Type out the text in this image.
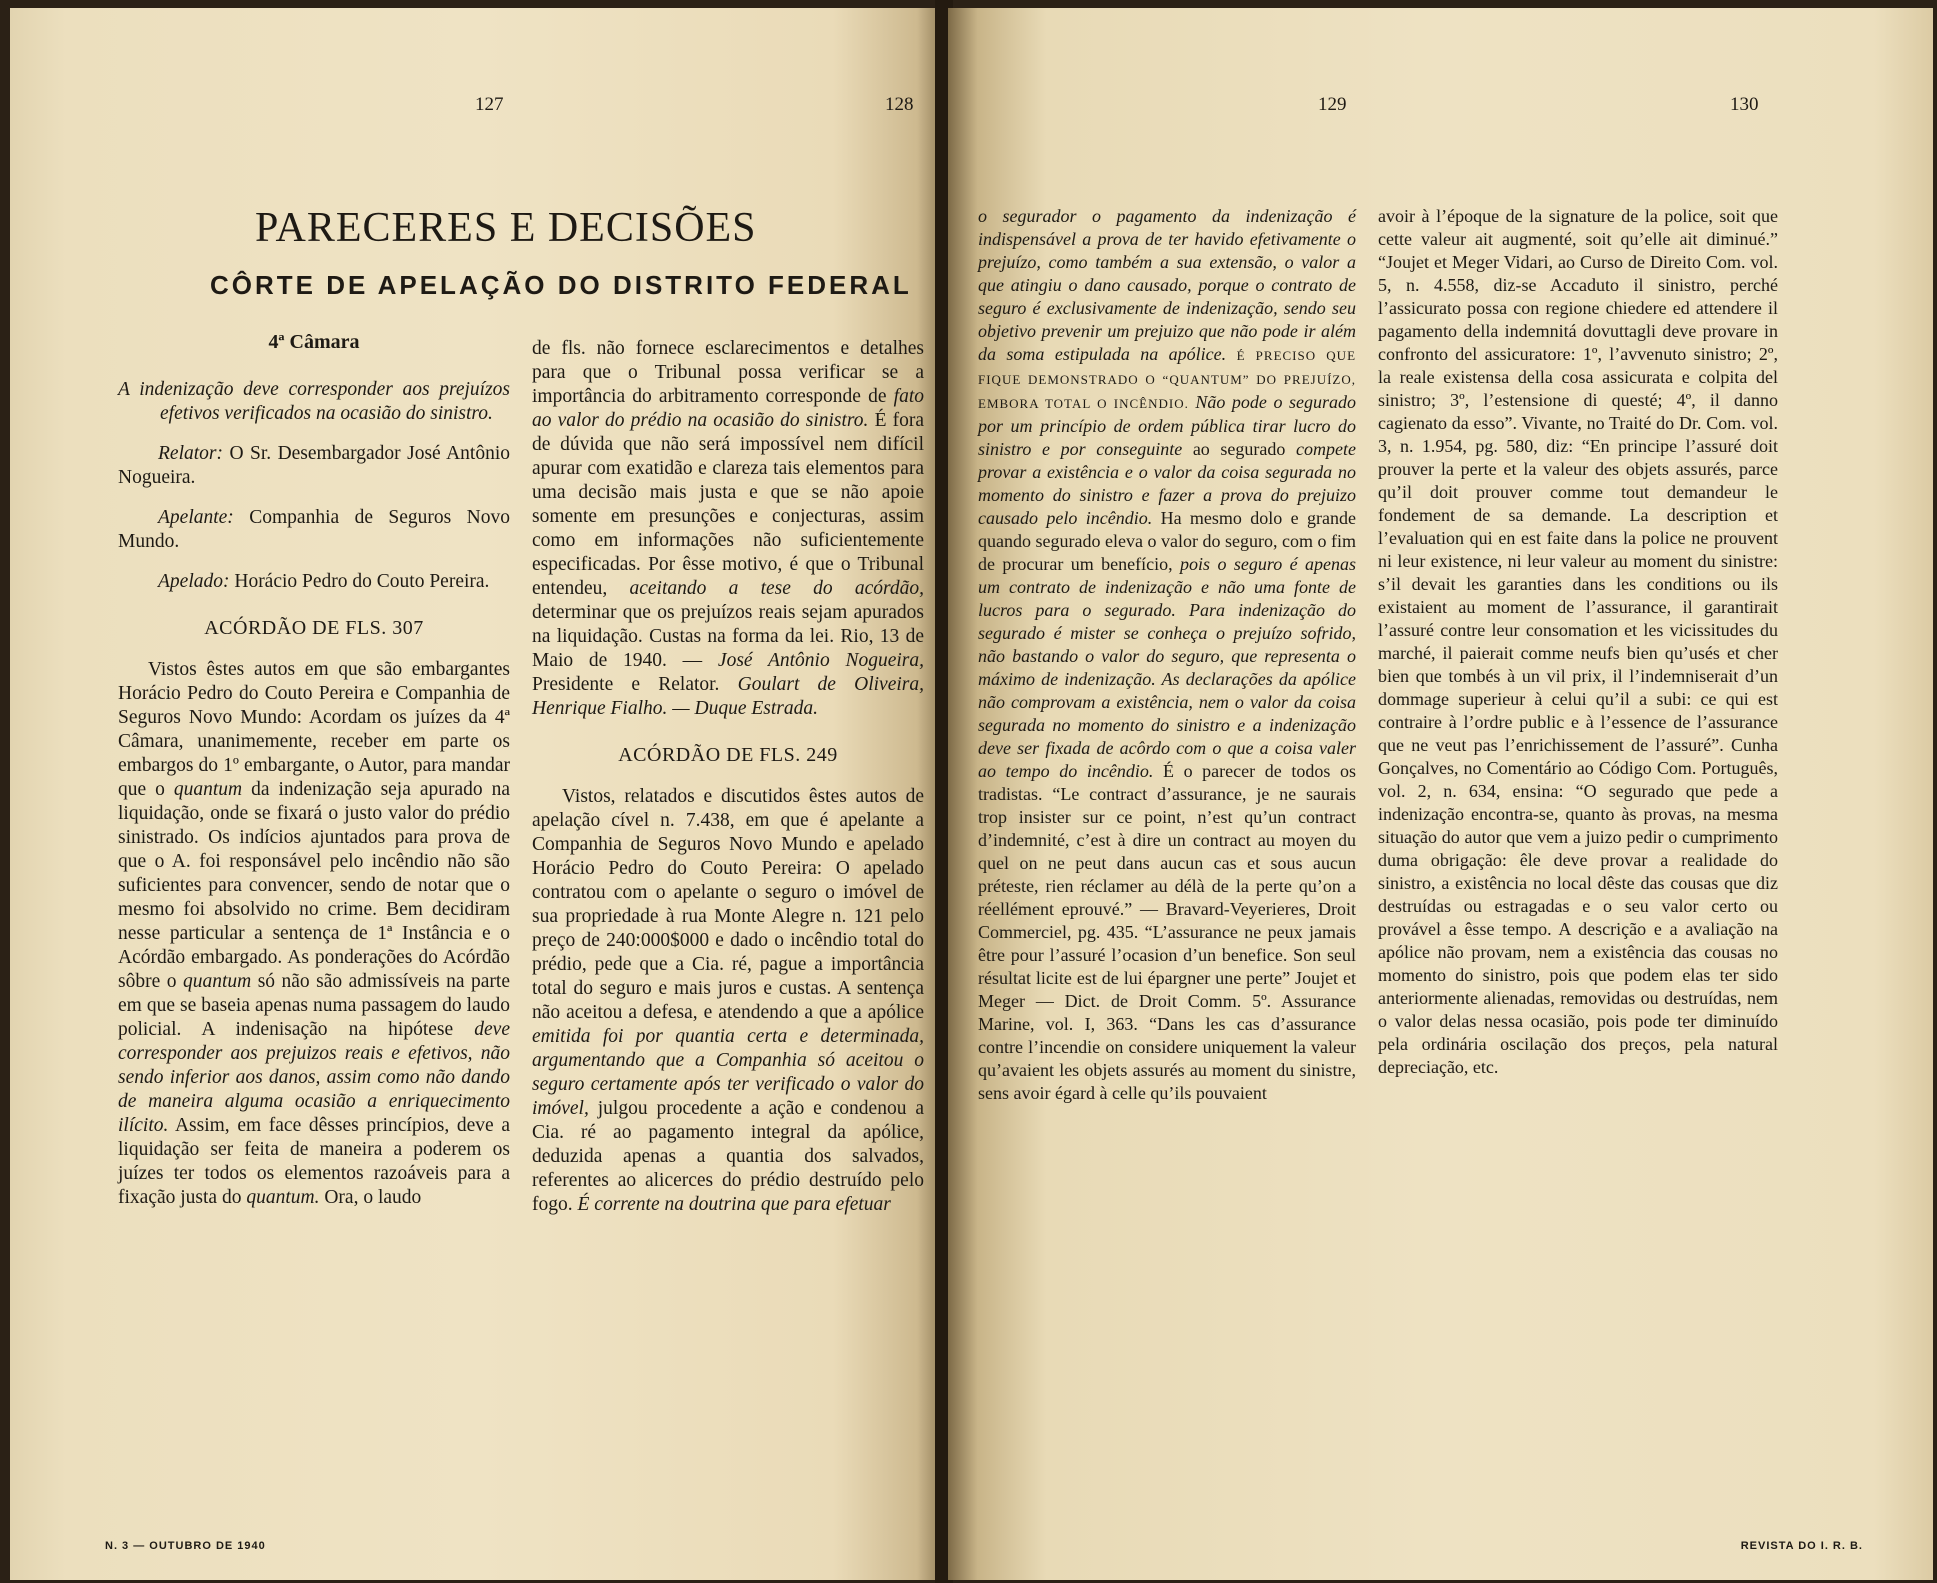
127	128
PARECERES E DECISÕES
CÔRTE DE APELAÇÃO DO DISTRITO FEDERAL

4ª Câmara

A indenização deve corresponder aos prejuízos efetivos verificados na ocasião do sinistro.

Relator: O Sr. Desembargador José Antônio Nogueira.

Apelante: Companhia de Seguros Novo Mundo.

Apelado: Horácio Pedro do Couto Pereira.

ACÓRDÃO DE FLS. 307

Vistos êstes autos em que são embargantes Horácio Pedro do Couto Pereira e Companhia de Seguros Novo Mundo: Acordam os juízes da 4ª Câmara, unanimemente, receber em parte os embargos do 1º embargante, o Autor, para mandar que o quantum da indenização seja apurado na liquidação, onde se fixará o justo valor do prédio sinistrado. Os indícios ajuntados para prova de que o A. foi responsável pelo incêndio não são suficientes para convencer, sendo de notar que o mesmo foi absolvido no crime. Bem decidiram nesse particular a sentença de 1ª Instância e o Acórdão embargado. As ponderações do Acórdão sôbre o quantum só não são admissíveis na parte em que se baseia apenas numa passagem do laudo policial. A indenisação na hipótese deve corresponder aos prejuizos reais e efetivos, não sendo inferior aos danos, assim como não dando de maneira alguma ocasião a enriquecimento ilícito. Assim, em face dêsses princípios, deve a liquidação ser feita de maneira a poderem os juízes ter todos os elementos razoáveis para a fixação justa do quantum. Ora, o laudo

de fls. não fornece esclarecimentos e detalhes para que o Tribunal possa verificar se a importância do arbitramento corresponde de fato ao valor do prédio na ocasião do sinistro. É fora de dúvida que não será impossível nem difícil apurar com exatidão e clareza tais elementos para uma decisão mais justa e que se não apoie somente em presunções e conjecturas, assim como em informações não suficientemente especificadas. Por êsse motivo, é que o Tribunal entendeu, aceitando a tese do acórdão, determinar que os prejuízos reais sejam apurados na liquidação. Custas na forma da lei. Rio, 13 de Maio de 1940. — José Antônio Nogueira, Presidente e Relator. Goulart de Oliveira, Henrique Fialho. — Duque Estrada.

ACÓRDÃO DE FLS. 249

Vistos, relatados e discutidos êstes autos de apelação cível n. 7.438, em que é apelante a Companhia de Seguros Novo Mundo e apelado Horácio Pedro do Couto Pereira: O apelado contratou com o apelante o seguro o imóvel de sua propriedade à rua Monte Alegre n. 121 pelo preço de 240:000$000 e dado o incêndio total do prédio, pede que a Cia. ré, pague a importância total do seguro e mais juros e custas. A sentença não aceitou a defesa, e atendendo a que a apólice emitida foi por quantia certa e determinada, argumentando que a Companhia só aceitou o seguro certamente após ter verificado o valor do imóvel, julgou procedente a ação e condenou a Cia. ré ao pagamento integral da apólice, deduzida apenas a quantia dos salvados, referentes ao alicerces do prédio destruído pelo fogo. É corrente na doutrina que para efetuar

N. 3 — OUTUBRO DE 1940
129	130

o segurador o pagamento da indenização é indispensável a prova de ter havido efetivamente o prejuízo, como também a sua extensão, o valor a que atingiu o dano causado, porque o contrato de seguro é exclusivamente de indenização, sendo seu objetivo prevenir um prejuizo que não pode ir além da soma estipulada na apólice. É PRECISO QUE FIQUE DEMONSTRADO O “QUANTUM” DO PREJUÍZO, EMBORA TOTAL O INCÊNDIO. Não pode o segurado por um princípio de ordem pública tirar lucro do sinistro e por conseguinte ao segurado compete provar a existência e o valor da coisa segurada no momento do sinistro e fazer a prova do prejuizo causado pelo incêndio. Ha mesmo dolo e grande quando segurado eleva o valor do seguro, com o fim de procurar um benefício, pois o seguro é apenas um contrato de indenização e não uma fonte de lucros para o segurado. Para indenização do segurado é mister se conheça o prejuízo sofrido, não bastando o valor do seguro, que representa o máximo de indenização. As declarações da apólice não comprovam a existência, nem o valor da coisa segurada no momento do sinistro e a indenização deve ser fixada de acôrdo com o que a coisa valer ao tempo do incêndio. É o parecer de todos os tradistas. “Le contract d’assurance, je ne saurais trop insister sur ce point, n’est qu’un contract d’indemnité, c’est à dire un contract au moyen du quel on ne peut dans aucun cas et sous aucun préteste, rien réclamer au délà de la perte qu’on a réellément eprouvé.” — Bravard-Veyerieres, Droit Commerciel, pg. 435. “L’assurance ne peux jamais être pour l’assuré l’ocasion d’un benefice. Son seul résultat licite est de lui épargner une perte” Joujet et Meger — Dict. de Droit Comm. 5º. Assurance Marine, vol. I, 363. “Dans les cas d’assurance contre l’incendie on considere uniquement la valeur qu’avaient les objets assurés au moment du sinistre, sens avoir égard à celle qu’ils pouvaient

avoir à l’époque de la signature de la police, soit que cette valeur ait augmenté, soit qu’elle ait diminué.” “Joujet et Meger Vidari, ao Curso de Direito Com. vol. 5, n. 4.558, diz-se Accaduto il sinistro, perché l’assicurato possa con regione chiedere ed attendere il pagamento della indemnitá dovuttagli deve provare in confronto del assicuratore: 1º, l’avvenuto sinistro; 2º, la reale existensa della cosa assicurata e colpita del sinistro; 3º, l’estensione di questé; 4º, il danno cagienato da esso”. Vivante, no Traité do Dr. Com. vol. 3, n. 1.954, pg. 580, diz: “En principe l’assuré doit prouver la perte et la valeur des objets assurés, parce qu’il doit prouver comme tout demandeur le fondement de sa demande. La description et l’evaluation qui en est faite dans la police ne prouvent ni leur existence, ni leur valeur au moment du sinistre: s’il devait les garanties dans les conditions ou ils existaient au moment de l’assurance, il garantirait l’assuré contre leur consomation et les vicissitudes du marché, il paierait comme neufs bien qu’usés et cher bien que tombés à un vil prix, il l’indemniserait d’un dommage superieur à celui qu’il a subi: ce qui est contraire à l’ordre public e à l’essence de l’assurance que ne veut pas l’enrichissement de l’assuré”. Cunha Gonçalves, no Comentário ao Código Com. Português, vol. 2, n. 634, ensina: “O segurado que pede a indenização encontra-se, quanto às provas, na mesma situação do autor que vem a juizo pedir o cumprimento duma obrigação: êle deve provar a realidade do sinistro, a existência no local dêste das cousas que diz destruídas ou estragadas e o seu valor certo ou provável a êsse tempo. A descrição e a avaliação na apólice não provam, nem a existência das cousas no momento do sinistro, pois que podem elas ter sido anteriormente alienadas, removidas ou destruídas, nem o valor delas nessa ocasião, pois pode ter diminuído pela ordinária oscilação dos preços, pela natural depreciação, etc.

REVISTA DO I. R. B.
